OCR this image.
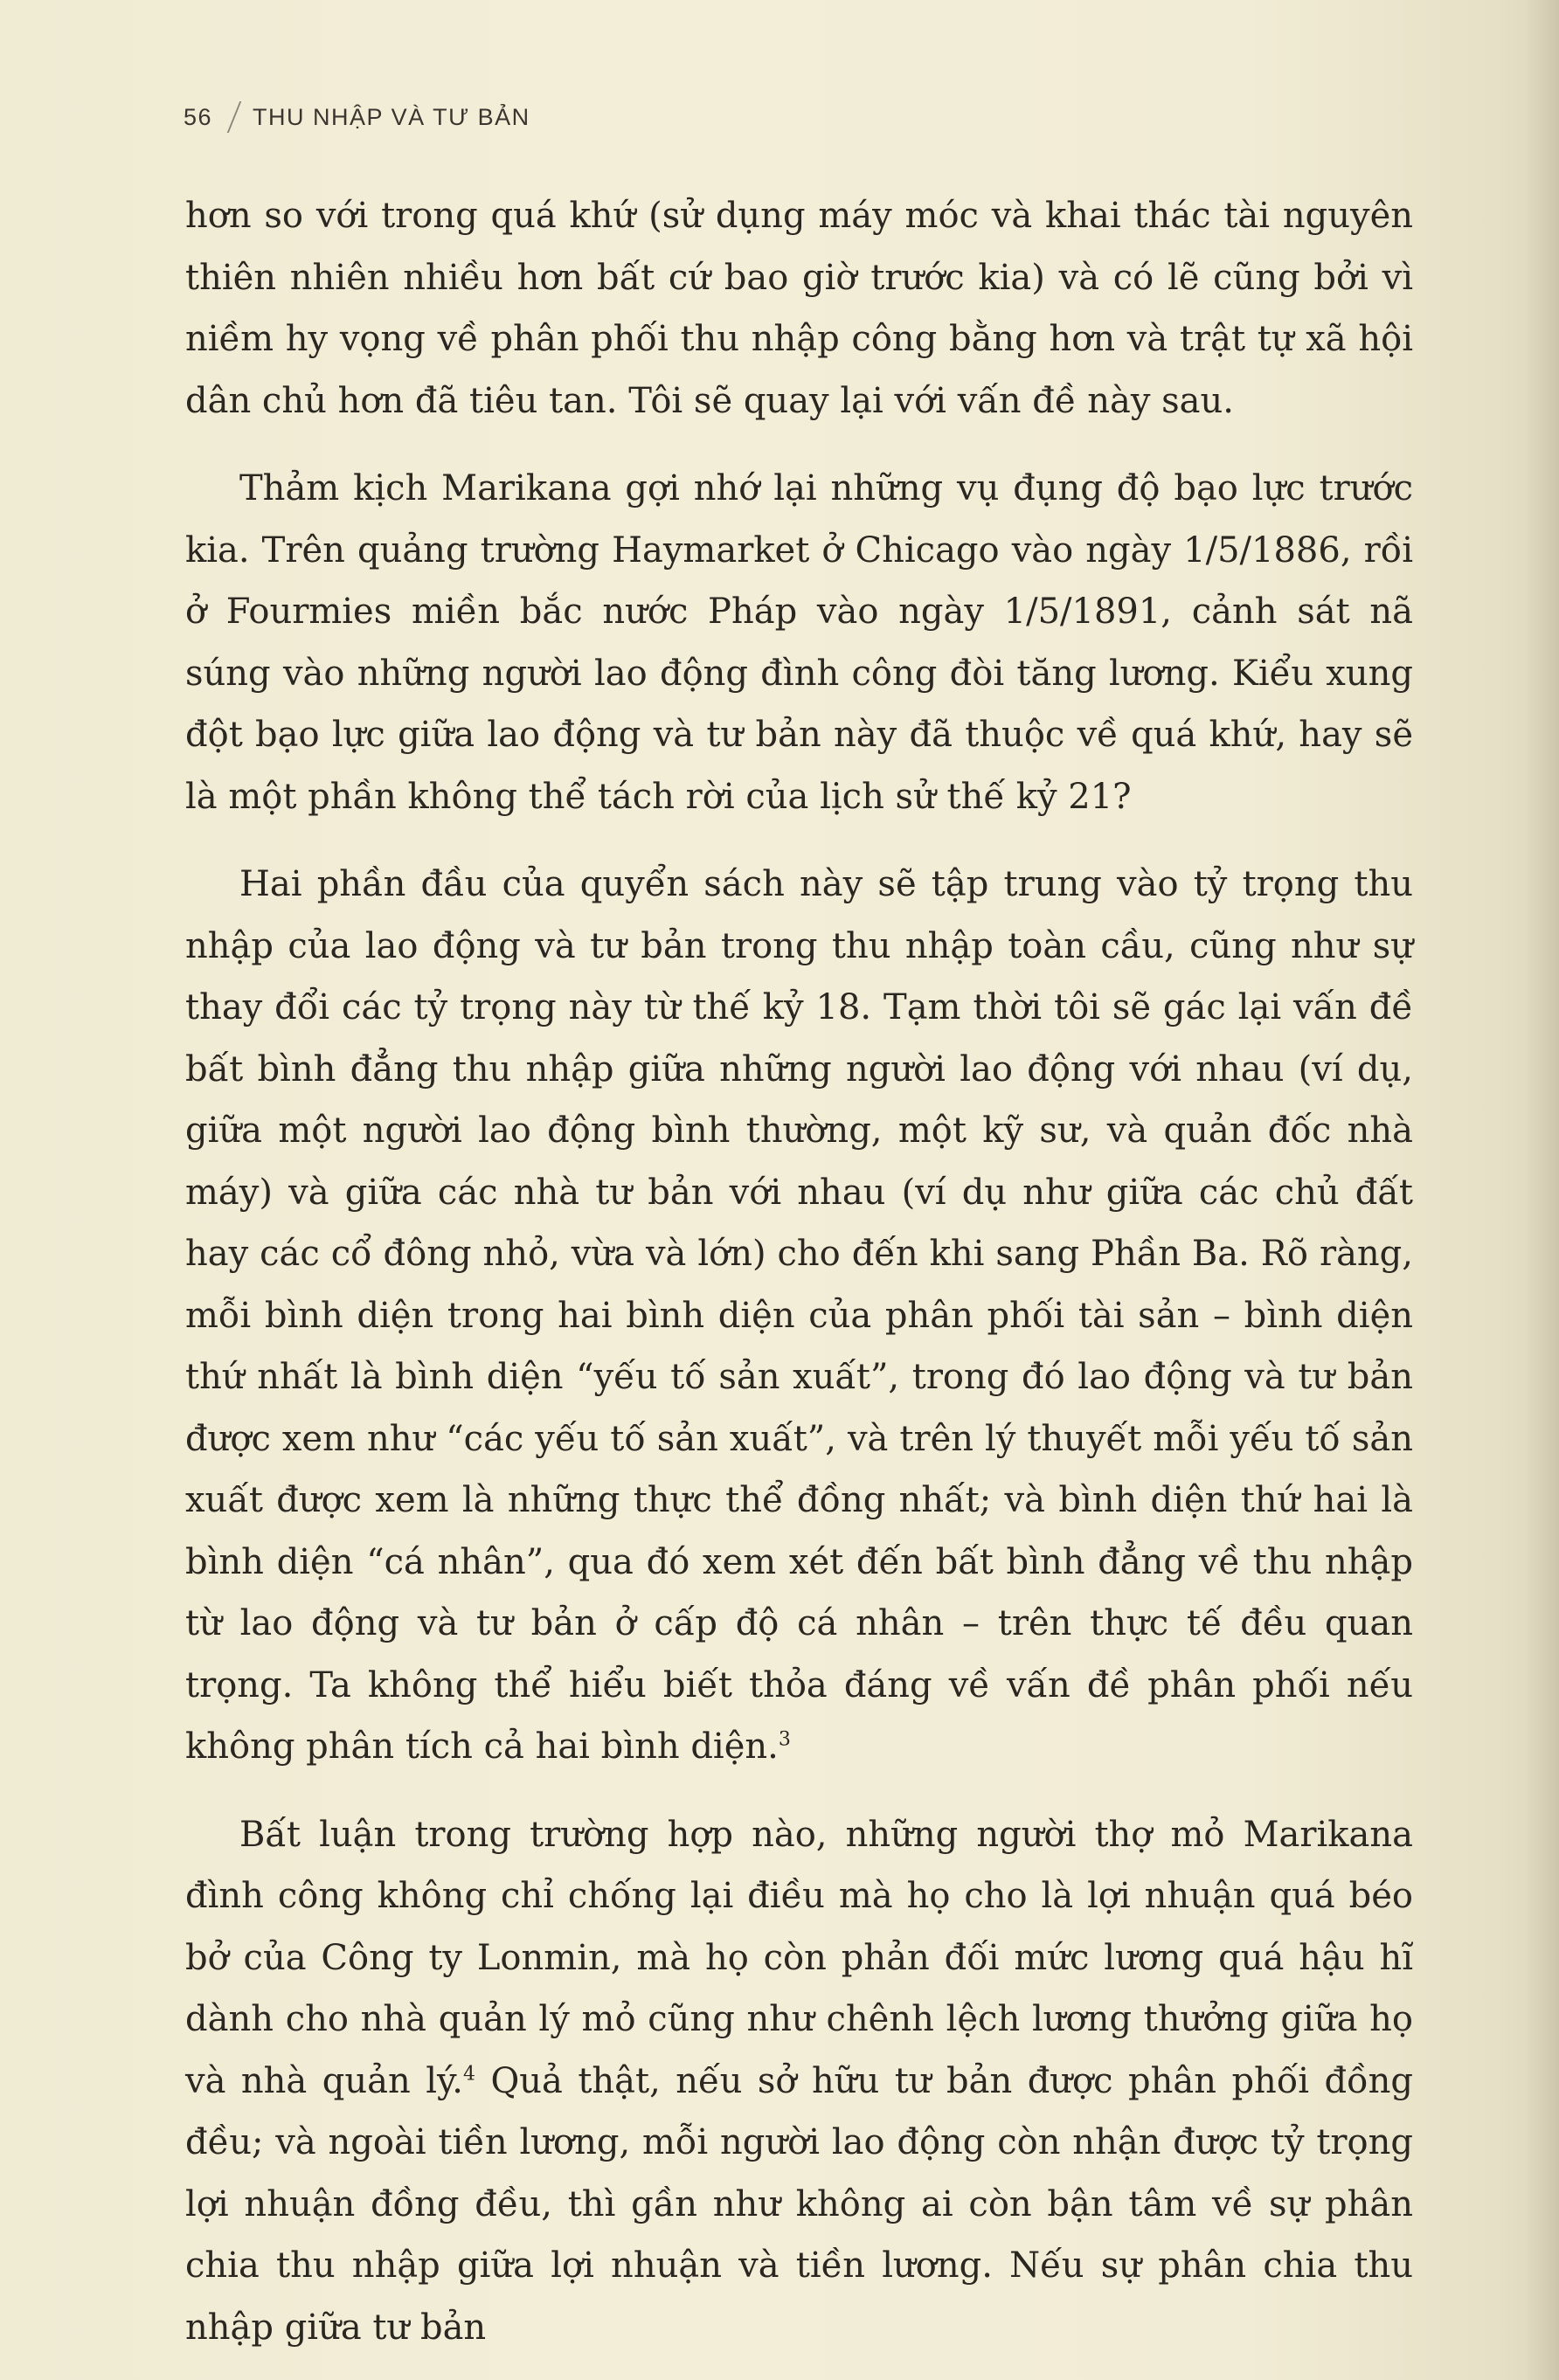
56 THU NHẬP VÀ TƯ BẢN

hơn so với trong quá khứ (sử dụng máy móc và khai thác tài nguyên thiên nhiên nhiều hơn bất cứ bao giờ trước kia) và có lẽ cũng bởi vì niềm hy vọng về phân phối thu nhập công bằng hơn và trật tự xã hội dân chủ hơn đã tiêu tan. Tôi sẽ quay lại với vấn đề này sau.

Thảm kịch Marikana gợi nhớ lại những vụ đụng độ bạo lực trước kia. Trên quảng trường Haymarket ở Chicago vào ngày 1/5/1886, rồi ở Fourmies miền bắc nước Pháp vào ngày 1/5/1891, cảnh sát nã súng vào những người lao động đình công đòi tăng lương. Kiểu xung đột bạo lực giữa lao động và tư bản này đã thuộc về quá khứ, hay sẽ là một phần không thể tách rời của lịch sử thế kỷ 21?

Hai phần đầu của quyển sách này sẽ tập trung vào tỷ trọng thu nhập của lao động và tư bản trong thu nhập toàn cầu, cũng như sự thay đổi các tỷ trọng này từ thế kỷ 18. Tạm thời tôi sẽ gác lại vấn đề bất bình đẳng thu nhập giữa những người lao động với nhau (ví dụ, giữa một người lao động bình thường, một kỹ sư, và quản đốc nhà máy) và giữa các nhà tư bản với nhau (ví dụ như giữa các chủ đất hay các cổ đông nhỏ, vừa và lớn) cho đến khi sang Phần Ba. Rõ ràng, mỗi bình diện trong hai bình diện của phân phối tài sản – bình diện thứ nhất là bình diện “yếu tố sản xuất”, trong đó lao động và tư bản được xem như “các yếu tố sản xuất”, và trên lý thuyết mỗi yếu tố sản xuất được xem là những thực thể đồng nhất; và bình diện thứ hai là bình diện “cá nhân”, qua đó xem xét đến bất bình đẳng về thu nhập từ lao động và tư bản ở cấp độ cá nhân – trên thực tế đều quan trọng. Ta không thể hiểu biết thỏa đáng về vấn đề phân phối nếu không phân tích cả hai bình diện.$^3$

Bất luận trong trường hợp nào, những người thợ mỏ Marikana đình công không chỉ chống lại điều mà họ cho là lợi nhuận quá béo bở của Công ty Lonmin, mà họ còn phản đối mức lương quá hậu hĩ dành cho nhà quản lý mỏ cũng như chênh lệch lương thưởng giữa họ và nhà quản lý.$^4$ Quả thật, nếu sở hữu tư bản được phân phối đồng đều; và ngoài tiền lương, mỗi người lao động còn nhận được tỷ trọng lợi nhuận đồng đều, thì gần như không ai còn bận tâm về sự phân chia thu nhập giữa lợi nhuận và tiền lương. Nếu sự phân chia thu nhập giữa tư bản
